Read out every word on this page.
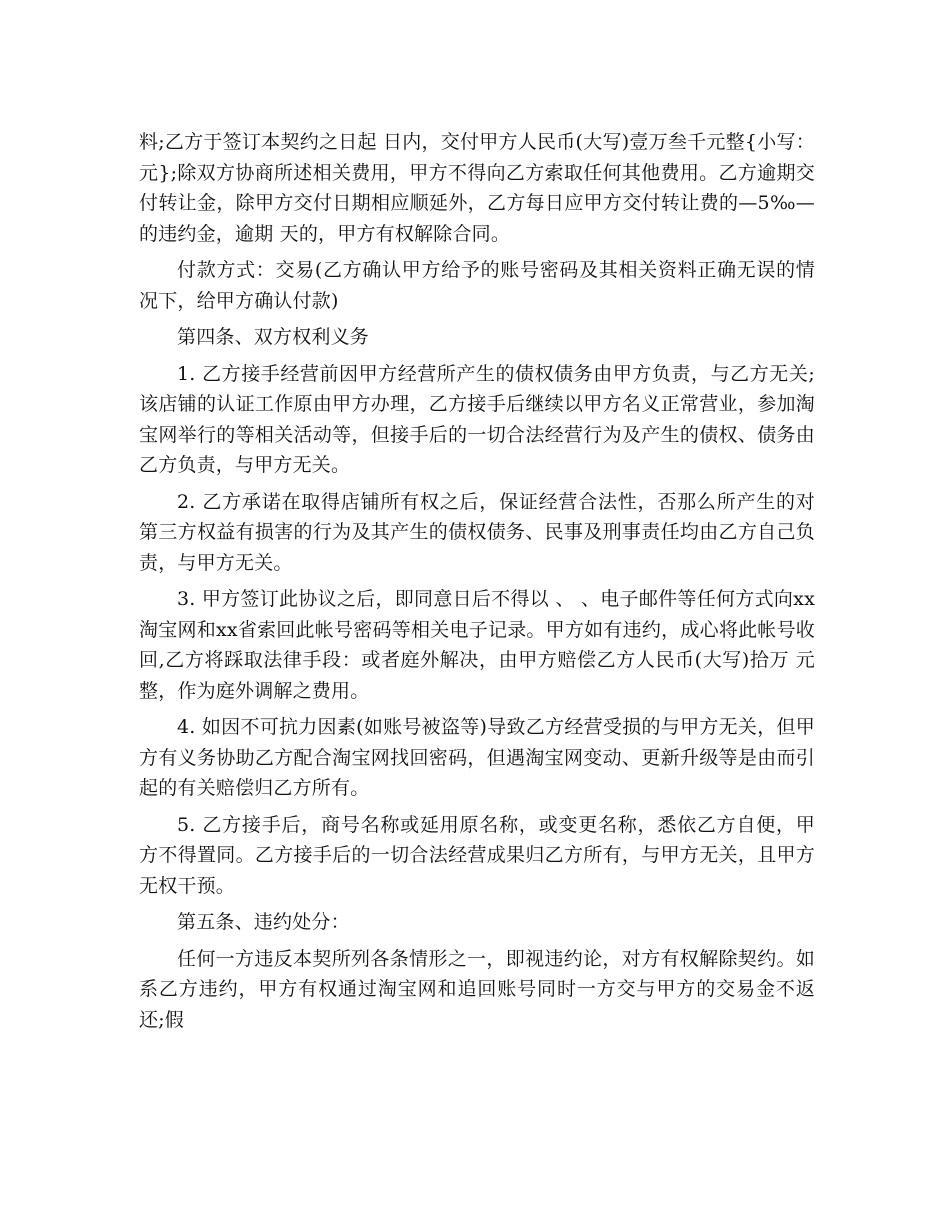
料;乙方于签订本契约之日起 日内，交付甲方人民币(大写)壹万叁千元整{小写：元};除双方协商所述相关费用，甲方不得向乙方索取任何其他费用。乙方逾期交付转让金，除甲方交付日期相应顺延外，乙方每日应甲方交付转让费的—5‰—的违约金，逾期 天的，甲方有权解除合同。

付款方式：交易(乙方确认甲方给予的账号密码及其相关资料正确无误的情况下，给甲方确认付款)

第四条、双方权利义务

1. 乙方接手经营前因甲方经营所产生的债权债务由甲方负责，与乙方无关;该店铺的认证工作原由甲方办理，乙方接手后继续以甲方名义正常营业，参加淘宝网举行的等相关活动等，但接手后的一切合法经营行为及产生的债权、债务由乙方负责，与甲方无关。

2. 乙方承诺在取得店铺所有权之后，保证经营合法性，否那么所产生的对第三方权益有损害的行为及其产生的债权债务、民事及刑事责任均由乙方自己负责，与甲方无关。

3. 甲方签订此协议之后，即同意日后不得以 、 、电子邮件等任何方式向xx淘宝网和xx省索回此帐号密码等相关电子记录。甲方如有违约，成心将此帐号收回,乙方将踩取法律手段：或者庭外解决，由甲方赔偿乙方人民币(大写)拾万 元整，作为庭外调解之费用。

4. 如因不可抗力因素(如账号被盗等)导致乙方经营受损的与甲方无关，但甲方有义务协助乙方配合淘宝网找回密码，但遇淘宝网变动、更新升级等是由而引起的有关赔偿归乙方所有。

5. 乙方接手后，商号名称或延用原名称，或变更名称，悉依乙方自便，甲方不得置同。乙方接手后的一切合法经营成果归乙方所有，与甲方无关，且甲方无权干预。

第五条、违约处分：

任何一方违反本契所列各条情形之一，即视违约论，对方有权解除契约。如系乙方违约，甲方有权通过淘宝网和追回账号同时一方交与甲方的交易金不返还;假
